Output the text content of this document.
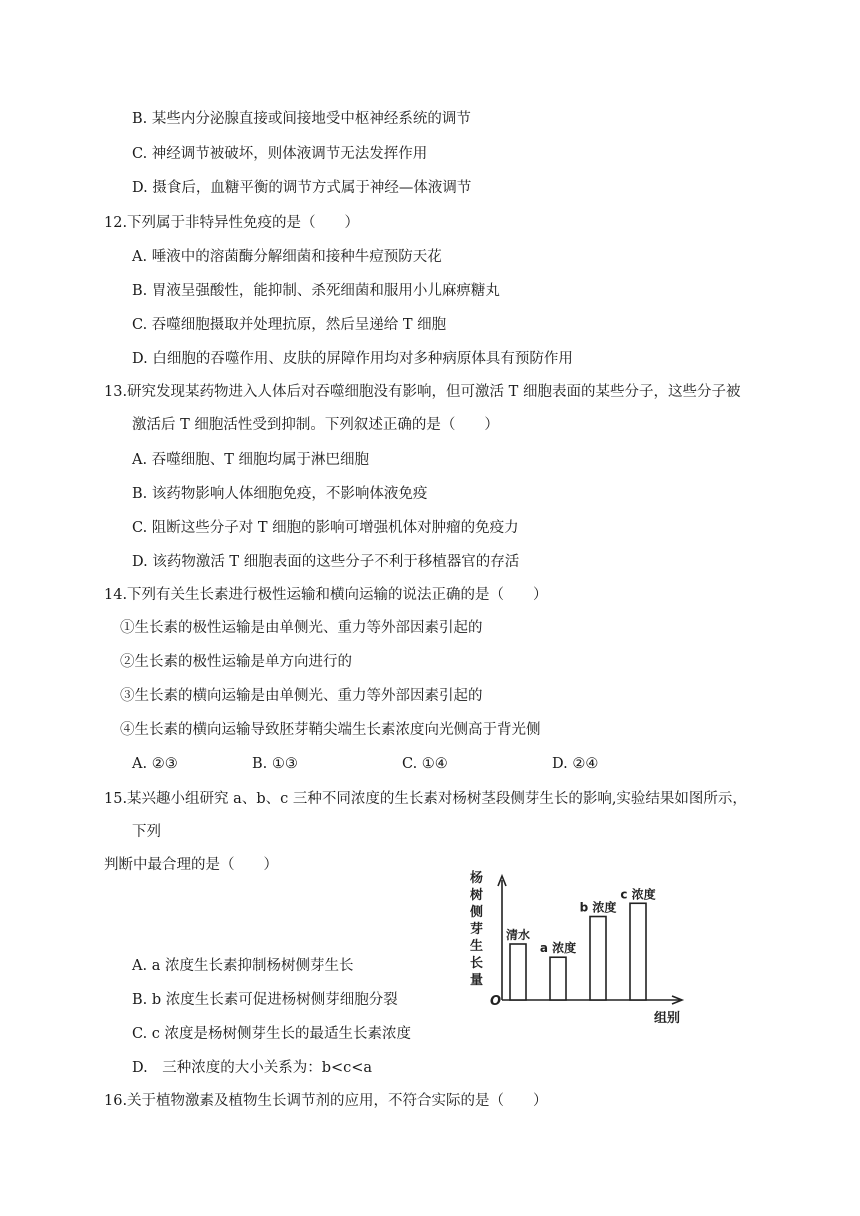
B. 某些内分泌腺直接或间接地受中枢神经系统的调节
C. 神经调节被破坏，则体液调节无法发挥作用
D. 摄食后，血糖平衡的调节方式属于神经—体液调节
12.下列属于非特异性免疫的是（　　）
A. 唾液中的溶菌酶分解细菌和接种牛痘预防天花
B. 胃液呈强酸性，能抑制、杀死细菌和服用小儿麻痹糖丸
C. 吞噬细胞摄取并处理抗原，然后呈递给 T 细胞
D. 白细胞的吞噬作用、皮肤的屏障作用均对多种病原体具有预防作用
13.研究发现某药物进入人体后对吞噬细胞没有影响，但可激活 T 细胞表面的某些分子，这些分子被
激活后 T 细胞活性受到抑制。下列叙述正确的是（　　）
A. 吞噬细胞、T 细胞均属于淋巴细胞
B. 该药物影响人体细胞免疫，不影响体液免疫
C. 阻断这些分子对 T 细胞的影响可增强机体对肿瘤的免疫力
D. 该药物激活 T 细胞表面的这些分子不利于移植器官的存活
14.下列有关生长素进行极性运输和横向运输的说法正确的是（　　）
①生长素的极性运输是由单侧光、重力等外部因素引起的
②生长素的极性运输是单方向进行的
③生长素的横向运输是由单侧光、重力等外部因素引起的
④生长素的横向运输导致胚芽鞘尖端生长素浓度向光侧高于背光侧
A. ②③	B. ①③	C. ①④	D. ②④
15.某兴趣小组研究 a、b、c 三种不同浓度的生长素对杨树茎段侧芽生长的影响,实验结果如图所示，
下列
判断中最合理的是（　　）
A. a 浓度生长素抑制杨树侧芽生长
B. b 浓度生长素可促进杨树侧芽细胞分裂
C. c 浓度是杨树侧芽生长的最适生长素浓度
D.　三种浓度的大小关系为：b<c<a
16.关于植物激素及植物生长调节剂的应用，不符合实际的是（　　）
O
杨
树
侧
芽
生
长
量
组别
清水
a 浓度
b 浓度
c 浓度
